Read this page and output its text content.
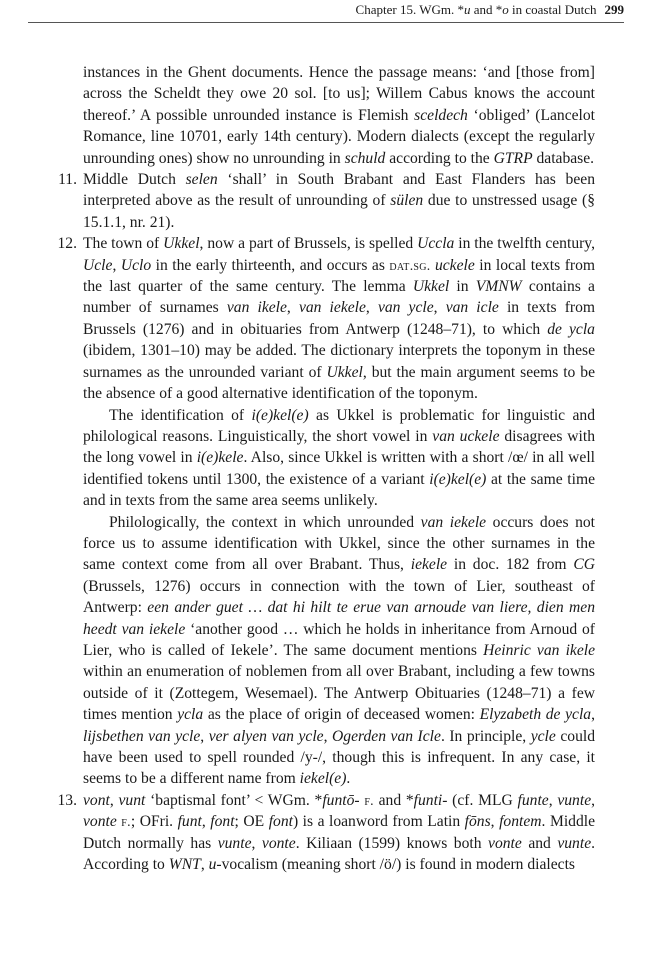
Chapter 15. WGm. *u and *o in coastal Dutch 299

instances in the Ghent documents. Hence the passage means: ‘and [those from] across the Scheldt they owe 20 sol. [to us]; Willem Cabus knows the account thereof.’ A possible unrounded instance is Flemish sceldech ‘obliged’ (Lancelot Romance, line 10701, early 14th century). Modern dialects (except the regularly unrounding ones) show no unrounding in schuld according to the GTRP database.

11. Middle Dutch selen ‘shall’ in South Brabant and East Flanders has been interpreted above as the result of unrounding of sülen due to unstressed usage (§ 15.1.1, nr. 21).

12. The town of Ukkel, now a part of Brussels, is spelled Uccla in the twelfth century, Ucle, Uclo in the early thirteenth, and occurs as dat.sg. uckele in local texts from the last quarter of the same century. The lemma Ukkel in VMNW contains a number of surnames van ikele, van iekele, van ycle, van icle in texts from Brussels (1276) and in obituaries from Antwerp (1248–71), to which de ycla (ibidem, 1301–10) may be added. The dictionary interprets the toponym in these surnames as the unrounded variant of Ukkel, but the main argument seems to be the absence of a good alternative identification of the toponym.

The identification of i(e)kel(e) as Ukkel is problematic for linguistic and philological reasons. Linguistically, the short vowel in van uckele disagrees with the long vowel in i(e)kele. Also, since Ukkel is written with a short /œ/ in all well identified tokens until 1300, the existence of a variant i(e)kel(e) at the same time and in texts from the same area seems unlikely.

Philologically, the context in which unrounded van iekele occurs does not force us to assume identification with Ukkel, since the other surnames in the same context come from all over Brabant. Thus, iekele in doc. 182 from CG (Brussels, 1276) occurs in connection with the town of Lier, southeast of Antwerp: een ander guet … dat hi hilt te erue van arnoude van liere, dien men heedt van iekele ‘another good … which he holds in inheritance from Arnoud of Lier, who is called of Iekele’. The same document mentions Heinric van ikele within an enumeration of noblemen from all over Brabant, including a few towns outside of it (Zottegem, Wesemael). The Antwerp Obituaries (1248–71) a few times mention ycla as the place of origin of deceased women: Elyzabeth de ycla, lijsbethen van ycle, ver alyen van ycle, Ogerden van Icle. In principle, ycle could have been used to spell rounded /y-/, though this is infrequent. In any case, it seems to be a different name from iekel(e).

13. vont, vunt ‘baptismal font’ < WGm. *funtō- f. and *funti- (cf. MLG funte, vunte, vonte f.; OFri. funt, font; OE font) is a loanword from Latin fōns, fontem. Middle Dutch normally has vunte, vonte. Kiliaan (1599) knows both vonte and vunte. According to WNT, u-vocalism (meaning short /ö/) is found in modern dialects
